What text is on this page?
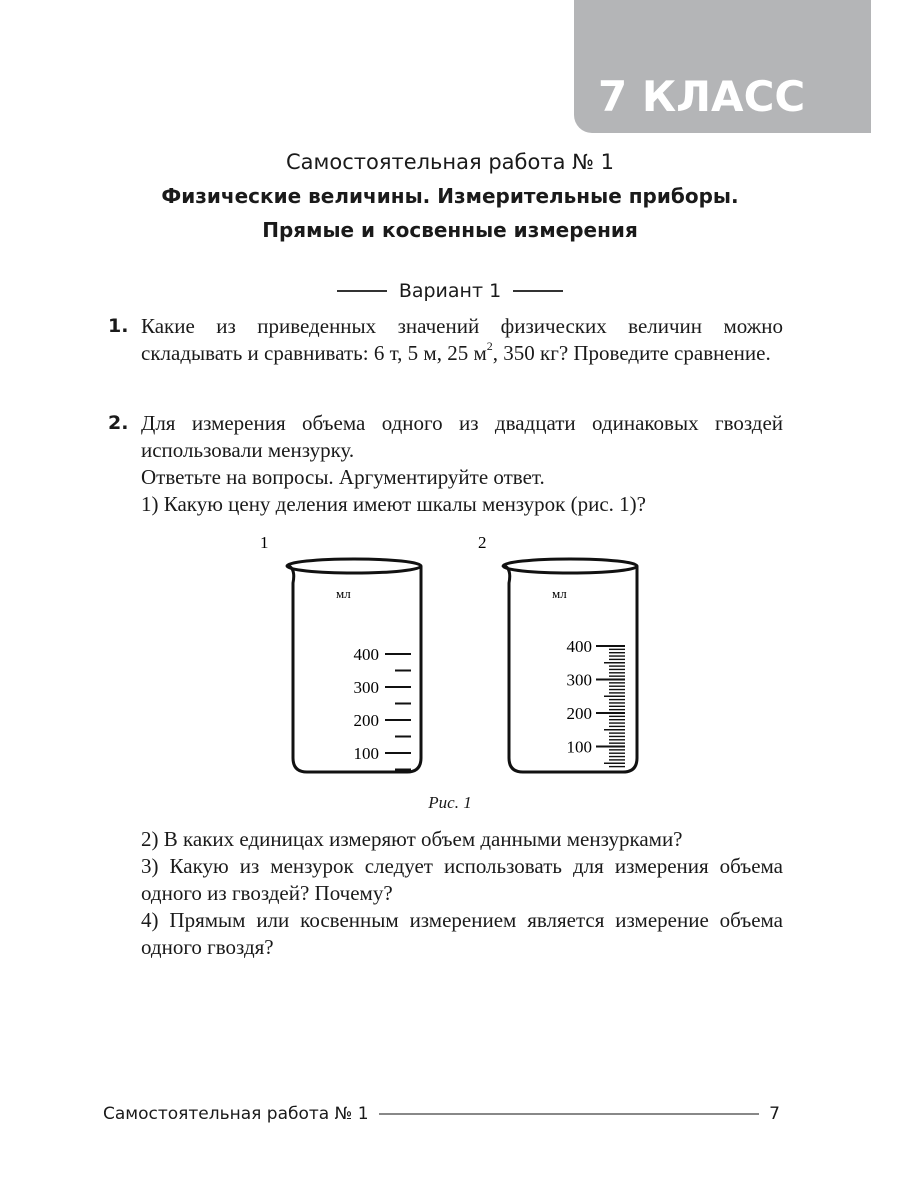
7 КЛАСС
Самостоятельная работа № 1
Физические величины. Измерительные приборы.
Прямые и косвенные измерения
Вариант 1
1. Какие из приведенных значений физических величин можно складывать и сравнивать: 6 т, 5 м, 25 $м^2$, 350 кг? Проведите сравнение.

2. Для измерения объема одного из двадцати одинаковых гвоздей использовали мензурку.

Ответьте на вопросы. Аргументируйте ответ.

1) Какую цену деления имеют шкалы мензурок (рис. 1)?

1
мл
400
300
200
100
2
мл
400
300
200
100
Рис. 1

2) В каких единицах измеряют объем данными мензурками?

3) Какую из мензурок следует использовать для измерения объема одного из гвоздей? Почему?

4) Прямым или косвенным измерением является измерение объема одного гвоздя?

Самостоятельная работа № 1	7
